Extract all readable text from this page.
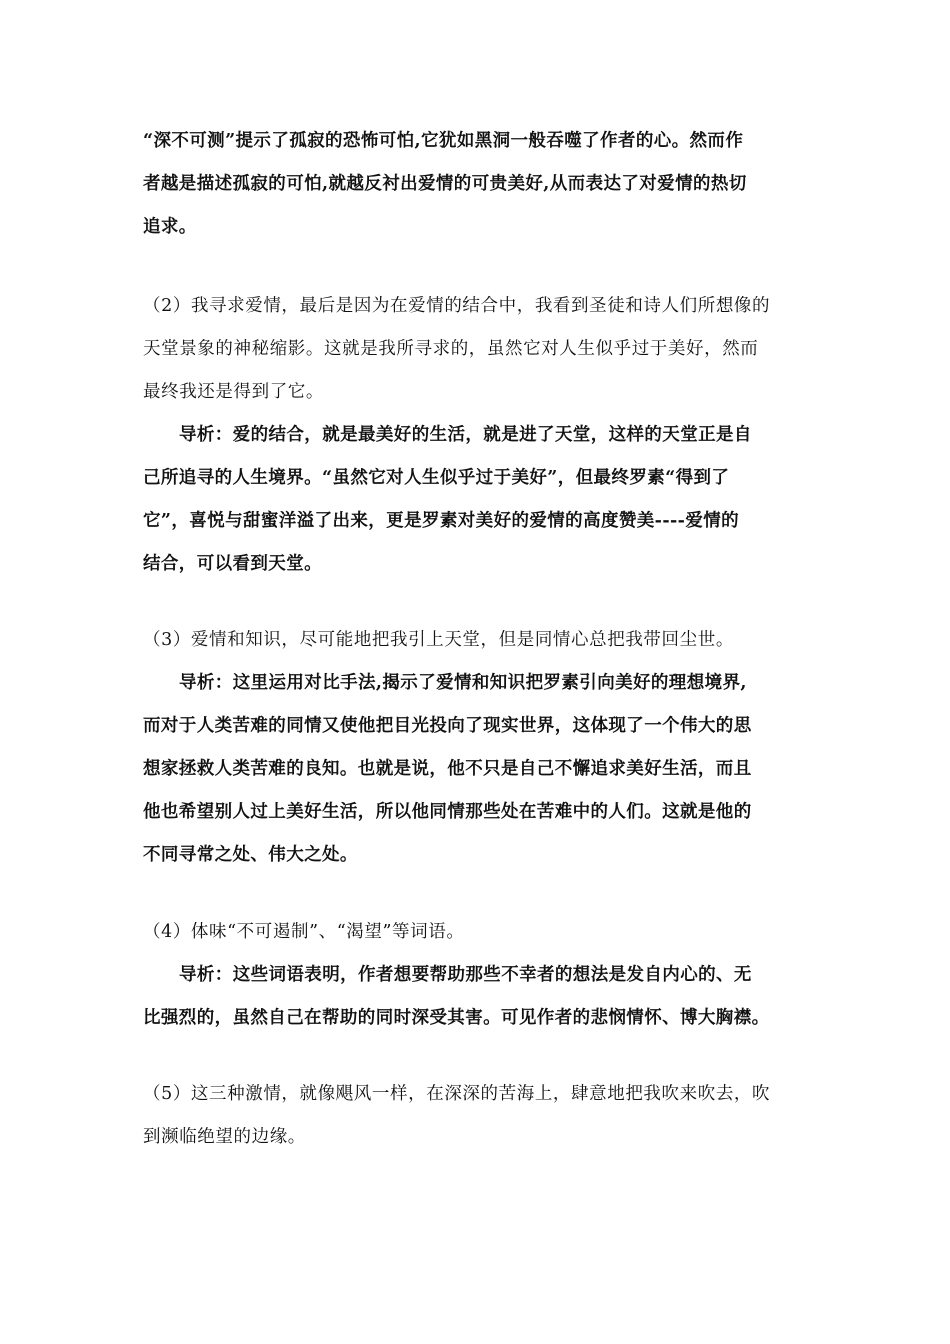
“深不可测”提示了孤寂的恐怖可怕,它犹如黑洞一般吞噬了作者的心。然而作
者越是描述孤寂的可怕,就越反衬出爱情的可贵美好,从而表达了对爱情的热切
追求。
（2）我寻求爱情，最后是因为在爱情的结合中，我看到圣徒和诗人们所想像的
天堂景象的神秘缩影。这就是我所寻求的，虽然它对人生似乎过于美好，然而
最终我还是得到了它。
导析：爱的结合，就是最美好的生活，就是进了天堂，这样的天堂正是自
己所追寻的人生境界。“虽然它对人生似乎过于美好”，但最终罗素“得到了
它”，喜悦与甜蜜洋溢了出来，更是罗素对美好的爱情的高度赞美----爱情的
结合，可以看到天堂。
（3）爱情和知识，尽可能地把我引上天堂，但是同情心总把我带回尘世。
导析：这里运用对比手法,揭示了爱情和知识把罗素引向美好的理想境界,
而对于人类苦难的同情又使他把目光投向了现实世界，这体现了一个伟大的思
想家拯救人类苦难的良知。也就是说，他不只是自己不懈追求美好生活，而且
他也希望别人过上美好生活，所以他同情那些处在苦难中的人们。这就是他的
不同寻常之处、伟大之处。
（4）体味“不可遏制”、“渴望”等词语。
导析：这些词语表明，作者想要帮助那些不幸者的想法是发自内心的、无
比强烈的，虽然自己在帮助的同时深受其害。可见作者的悲悯情怀、博大胸襟。
（5）这三种激情，就像飓风一样，在深深的苦海上，肆意地把我吹来吹去，吹
到濒临绝望的边缘。
